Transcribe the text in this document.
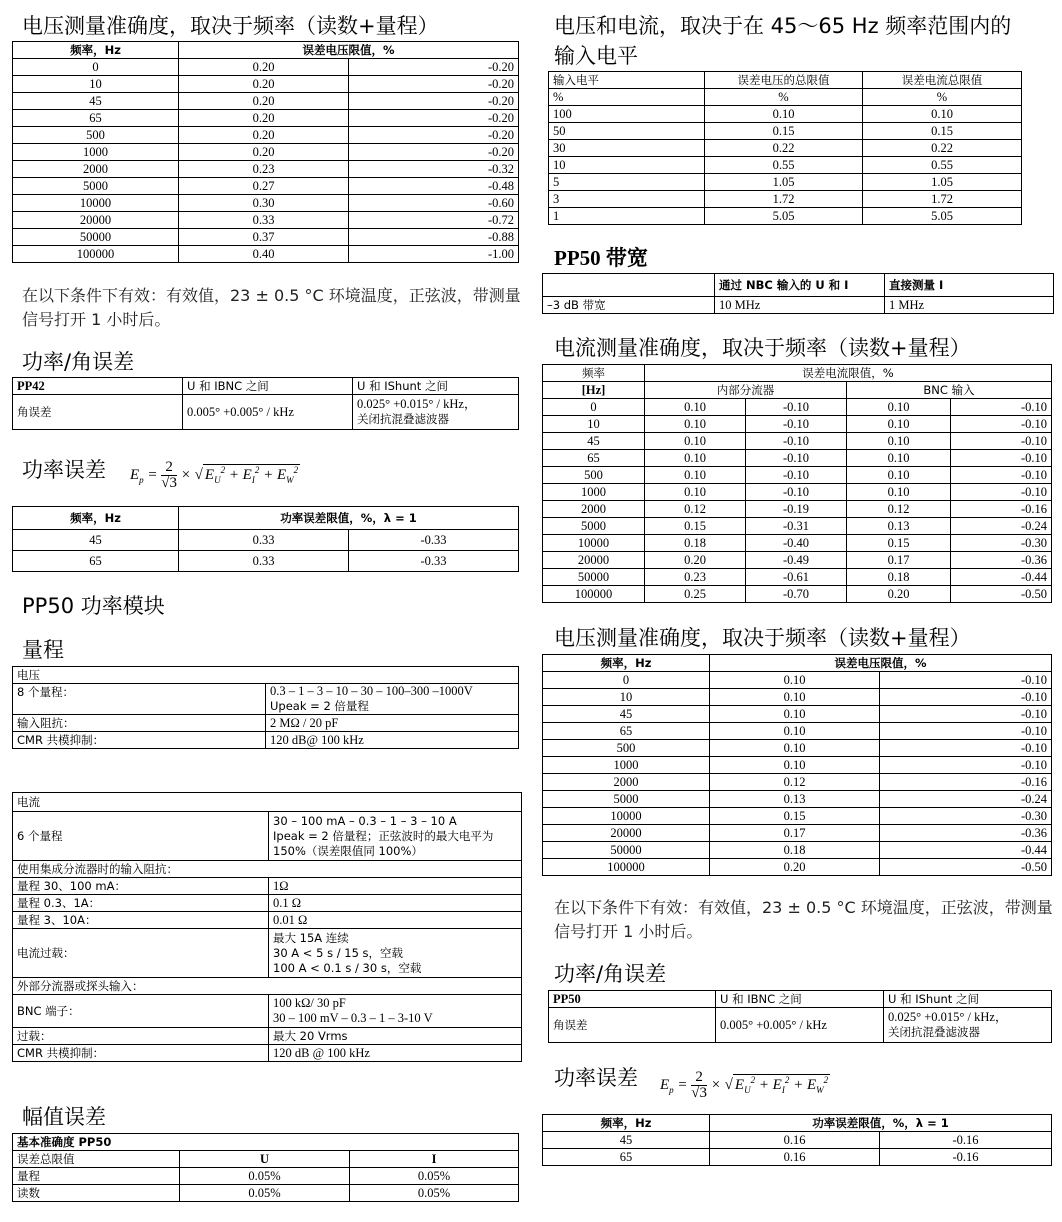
电压测量准确度，取决于频率（读数+量程）
频率，Hz	误差电压限值，%	
0	0.20	-0.20
10	0.20	-0.20
45	0.20	-0.20
65	0.20	-0.20
500	0.20	-0.20
1000	0.20	-0.20
2000	0.23	-0.32
5000	0.27	-0.48
10000	0.30	-0.60
20000	0.33	-0.72
50000	0.37	-0.88
100000	0.40	-1.00

在以下条件下有效：有效值，23 ± 0.5 °C 环境温度，正弦波，带测量信号打开 1 小时后。

功率/角误差
PP42	U 和 IBNC 之间	U 和 IShunt 之间
角误差	0.005° +0.005° / kHz	0.025° +0.015° / kHz，
关闭抗混叠滤波器
功率误差 $E_p = \frac{2}{√3}$ × √ $E_U^2 + E_I^2 + E_W^2$
频率，Hz	功率误差限值，%，λ = 1	
45	0.33	-0.33
65	0.33	-0.33
PP50 功率模块
量程
电压	
8 个量程：	0.3 – 1 – 3 – 10 – 30 – 100–300 –1000V
Upeak = 2 倍量程
输入阻抗：	2 MΩ / 20 pF
CMR 共模抑制：	120 dB@ 100 kHz
电流	
6 个量程	30 – 100 mA – 0.3 – 1 – 3 – 10 A
Ipeak = 2 倍量程；正弦波时的最大电平为
150%（误差限值同 100%）
使用集成分流器时的输入阻抗：	
量程 30、100 mA：	1Ω
量程 0.3、1A：	0.1 Ω
量程 3、10A：	0.01 Ω
电流过载：	最大 15A 连续
30 A < 5 s / 15 s，空载
100 A < 0.1 s / 30 s，空载
外部分流器或探头输入：	
BNC 端子：	100 kΩ/ 30 pF
30 – 100 mV – 0.3 – 1 – 3-10 V
过载：	最大 20 Vrms
CMR 共模抑制：	120 dB @ 100 kHz
幅值误差
基本准确度 PP50		
误差总限值	U	I
量程	0.05%	0.05%
读数	0.05%	0.05%
电压和电流，取决于在 45～65 Hz 频率范围内的
输入电平
输入电平	误差电压的总限值	误差电流总限值
%	%	%
100	0.10	0.10
50	0.15	0.15
30	0.22	0.22
10	0.55	0.55
5	1.05	1.05
3	1.72	1.72
1	5.05	5.05
PP50 带宽
	通过 NBC 输入的 U 和 I	直接测量 I
–3 dB 带宽	10 MHz	1 MHz
电流测量准确度，取决于频率（读数+量程）
频率	误差电流限值，%			
[Hz]	内部分流器		BNC 输入	
0	0.10	-0.10	0.10	-0.10
10	0.10	-0.10	0.10	-0.10
45	0.10	-0.10	0.10	-0.10
65	0.10	-0.10	0.10	-0.10
500	0.10	-0.10	0.10	-0.10
1000	0.10	-0.10	0.10	-0.10
2000	0.12	-0.19	0.12	-0.16
5000	0.15	-0.31	0.13	-0.24
10000	0.18	-0.40	0.15	-0.30
20000	0.20	-0.49	0.17	-0.36
50000	0.23	-0.61	0.18	-0.44
100000	0.25	-0.70	0.20	-0.50
电压测量准确度，取决于频率（读数+量程）
频率，Hz	误差电压限值，%	
0	0.10	-0.10
10	0.10	-0.10
45	0.10	-0.10
65	0.10	-0.10
500	0.10	-0.10
1000	0.10	-0.10
2000	0.12	-0.16
5000	0.13	-0.24
10000	0.15	-0.30
20000	0.17	-0.36
50000	0.18	-0.44
100000	0.20	-0.50

在以下条件下有效：有效值，23 ± 0.5 °C 环境温度，正弦波，带测量信号打开 1 小时后。

功率/角误差
PP50	U 和 IBNC 之间	U 和 IShunt 之间
角误差	0.005° +0.005° / kHz	0.025° +0.015° / kHz，
关闭抗混叠滤波器
功率误差 $E_p = \frac{2}{√3}$ × √ $E_U^2 + E_I^2 + E_W^2$
频率，Hz	功率误差限值，%，λ = 1	
45	0.16	-0.16
65	0.16	-0.16
